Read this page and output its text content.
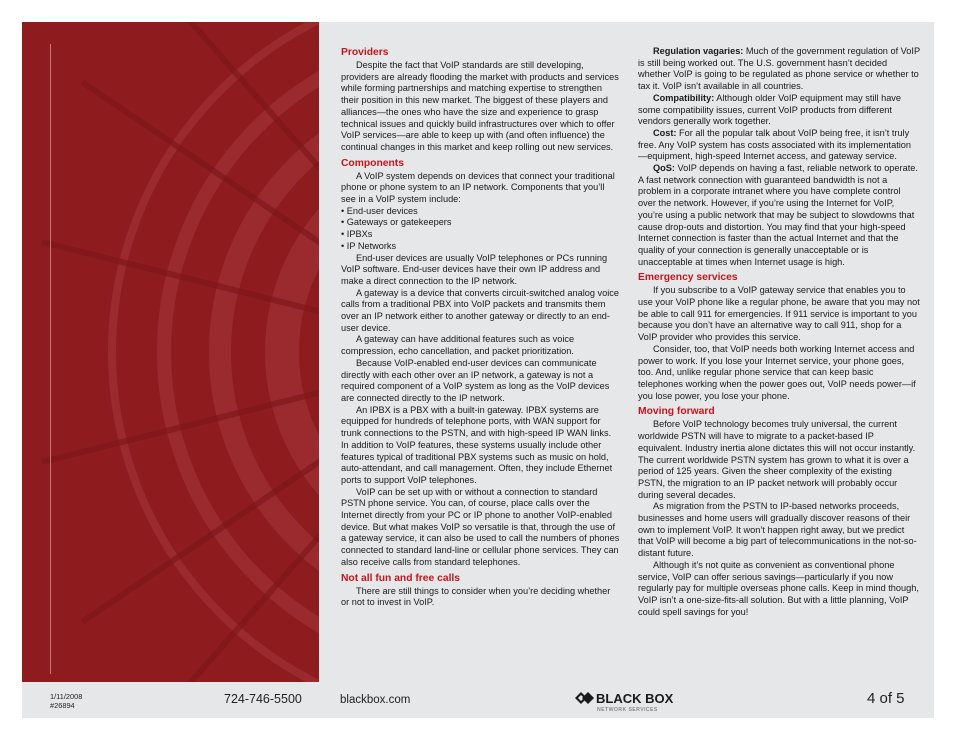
Providers

Despite the fact that VoIP standards are still developing, providers are already flooding the market with products and services while forming partnerships and matching expertise to strengthen their position in this new market. The biggest of these players and alliances—the ones who have the size and experience to grasp technical issues and quickly build infrastructures over which to offer VoIP services—are able to keep up with (and often influence) the continual changes in this market and keep rolling out new services.

Components

A VoIP system depends on devices that connect your traditional phone or phone system to an IP network. Components that you’ll see in a VoIP system include:

• End-user devices
• Gateways or gatekeepers
• IPBXs
• IP Networks

End-user devices are usually VoIP telephones or PCs running VoIP software. End-user devices have their own IP address and make a direct connection to the IP network.

A gateway is a device that converts circuit-switched analog voice calls from a traditional PBX into VoIP packets and transmits them over an IP network either to another gateway or directly to an end-user device.

A gateway can have additional features such as voice compression, echo cancellation, and packet prioritization.

Because VoIP-enabled end-user devices can communicate directly with each other over an IP network, a gateway is not a required component of a VoIP system as long as the VoIP devices are connected directly to the IP network.

An IPBX is a PBX with a built-in gateway. IPBX systems are equipped for hundreds of telephone ports, with WAN support for trunk connections to the PSTN, and with high-speed IP WAN links. In addition to VoIP features, these systems usually include other features typical of traditional PBX systems such as music on hold, auto-attendant, and call management. Often, they include Ethernet ports to support VoIP telephones.

VoIP can be set up with or without a connection to standard PSTN phone service. You can, of course, place calls over the Internet directly from your PC or IP phone to another VoIP-enabled device. But what makes VoIP so versatile is that, through the use of a gateway service, it can also be used to call the numbers of phones connected to standard land-line or cellular phone services. They can also receive calls from standard telephones.

Not all fun and free calls

There are still things to consider when you’re deciding whether or not to invest in VoIP.

Regulation vagaries: Much of the government regulation of VoIP is still being worked out. The U.S. government hasn’t decided whether VoIP is going to be regulated as phone service or whether to tax it. VoIP isn’t available in all countries.

Compatibility: Although older VoIP equipment may still have some compatibility issues, current VoIP products from different vendors generally work together.

Cost: For all the popular talk about VoIP being free, it isn’t truly free. Any VoIP system has costs associated with its implementation—equipment, high-speed Internet access, and gateway service.

QoS: VoIP depends on having a fast, reliable network to operate. A fast network connection with guaranteed bandwidth is not a problem in a corporate intranet where you have complete control over the network. However, if you’re using the Internet for VoIP, you’re using a public network that may be subject to slowdowns that cause drop-outs and distortion. You may find that your high-speed Internet connection is faster than the actual Internet and that the quality of your connection is generally unacceptable or is unacceptable at times when Internet usage is high.

Emergency services

If you subscribe to a VoIP gateway service that enables you to use your VoIP phone like a regular phone, be aware that you may not be able to call 911 for emergencies. If 911 service is important to you because you don’t have an alternative way to call 911, shop for a VoIP provider who provides this service.

Consider, too, that VoIP needs both working Internet access and power to work. If you lose your Internet service, your phone goes, too. And, unlike regular phone service that can keep basic telephones working when the power goes out, VoIP needs power—if you lose power, you lose your phone.

Moving forward

Before VoIP technology becomes truly universal, the current worldwide PSTN will have to migrate to a packet-based IP equivalent. Industry inertia alone dictates this will not occur instantly. The current worldwide PSTN system has grown to what it is over a period of 125 years. Given the sheer complexity of the existing PSTN, the migration to an IP packet network will probably occur during several decades.

As migration from the PSTN to IP-based networks proceeds, businesses and home users will gradually discover reasons of their own to implement VoIP. It won’t happen right away, but we predict that VoIP will become a big part of telecommunications in the not-so-distant future.

Although it’s not quite as convenient as conventional phone service, VoIP can offer serious savings—particularly if you now regularly pay for multiple overseas phone calls. Keep in mind though, VoIP isn’t a one-size-fits-all solution. But with a little planning, VoIP could spell savings for you!

1/11/2008
#26894	724-746-5500	blackbox.com	BLACK BOX
NETWORK SERVICES
4 of 5
